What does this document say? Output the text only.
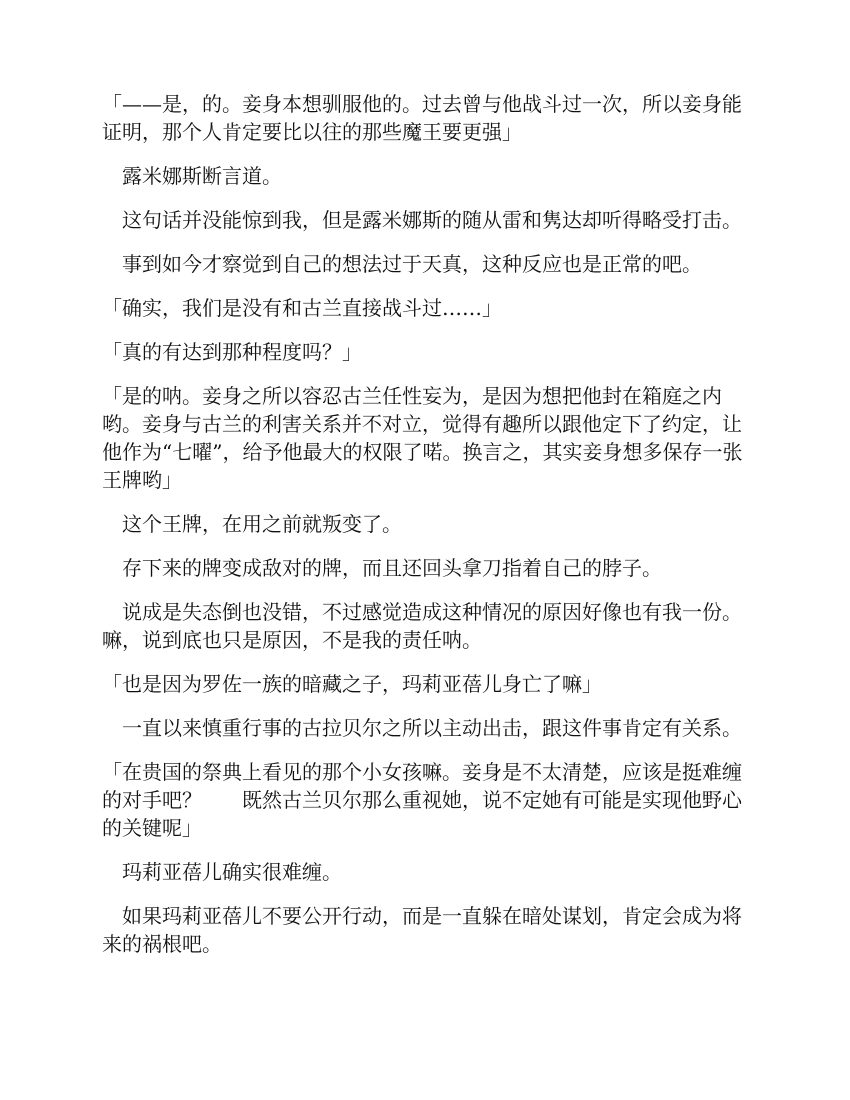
「——是，的。妾身本想驯服他的。过去曾与他战斗过一次，所以妾身能证明，那个人肯定要比以往的那些魔王要更强」

露米娜斯断言道。

这句话并没能惊到我，但是露米娜斯的随从雷和隽达却听得略受打击。

事到如今才察觉到自己的想法过于天真，这种反应也是正常的吧。

「确实，我们是没有和古兰直接战斗过……」

「真的有达到那种程度吗？」

「是的呐。妾身之所以容忍古兰任性妄为，是因为想把他封在箱庭之内哟。妾身与古兰的利害关系并不对立，觉得有趣所以跟他定下了约定，让他作为“七曜”，给予他最大的权限了喏。换言之，其实妾身想多保存一张王牌哟」

这个王牌，在用之前就叛变了。

存下来的牌变成敌对的牌，而且还回头拿刀指着自己的脖子。

说成是失态倒也没错，不过感觉造成这种情况的原因好像也有我一份。嘛，说到底也只是原因，不是我的责任呐。

「也是因为罗佐一族的暗藏之子，玛莉亚蓓儿身亡了嘛」

一直以来慎重行事的古拉贝尔之所以主动出击，跟这件事肯定有关系。

「在贵国的祭典上看见的那个小女孩嘛。妾身是不太清楚，应该是挺难缠的对手吧？　　既然古兰贝尔那么重视她，说不定她有可能是实现他野心的关键呢」

玛莉亚蓓儿确实很难缠。

如果玛莉亚蓓儿不要公开行动，而是一直躲在暗处谋划，肯定会成为将来的祸根吧。
